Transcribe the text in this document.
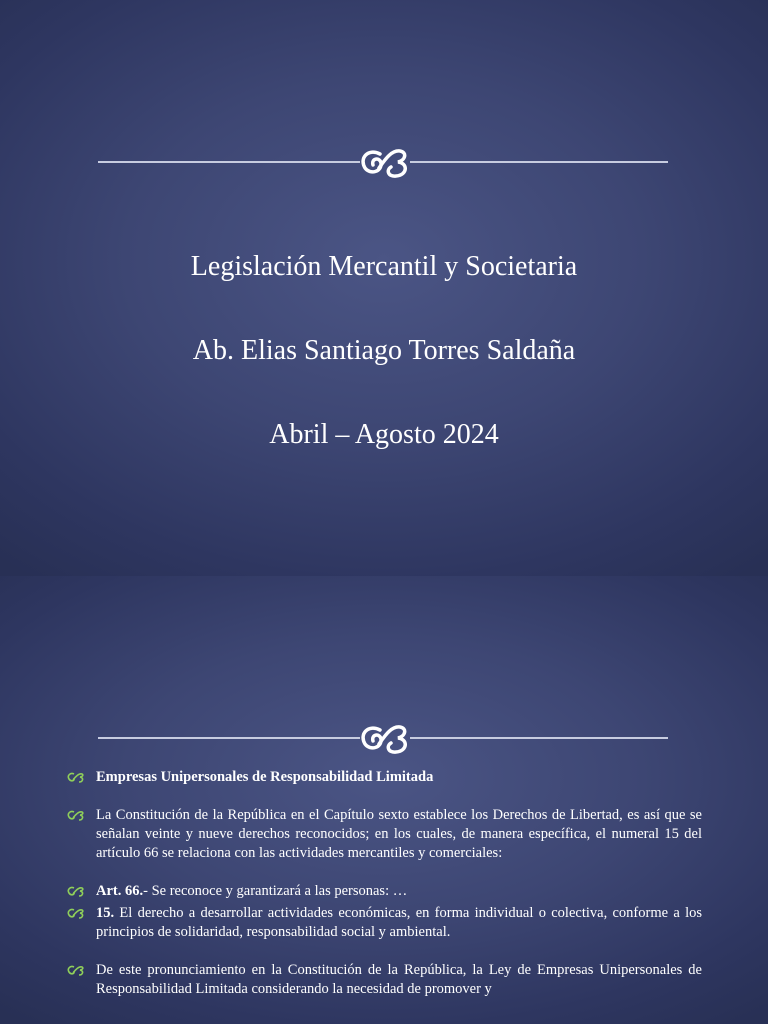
Legislación Mercantil y Societaria
Ab. Elias Santiago Torres Saldaña
Abril – Agosto 2024
Empresas Unipersonales de Responsabilidad Limitada
La Constitución de la República en el Capítulo sexto establece los Derechos de Libertad, es así que se señalan veinte y nueve derechos reconocidos; en los cuales, de manera específica, el numeral 15 del artículo 66 se relaciona con las actividades mercantiles y comerciales:
Art. 66.- Se reconoce y garantizará a las personas: …
15. El derecho a desarrollar actividades económicas, en forma individual o colectiva, conforme a los principios de solidaridad, responsabilidad social y ambiental.
De este pronunciamiento en la Constitución de la República, la Ley de Empresas Unipersonales de Responsabilidad Limitada considerando la necesidad de promover y
